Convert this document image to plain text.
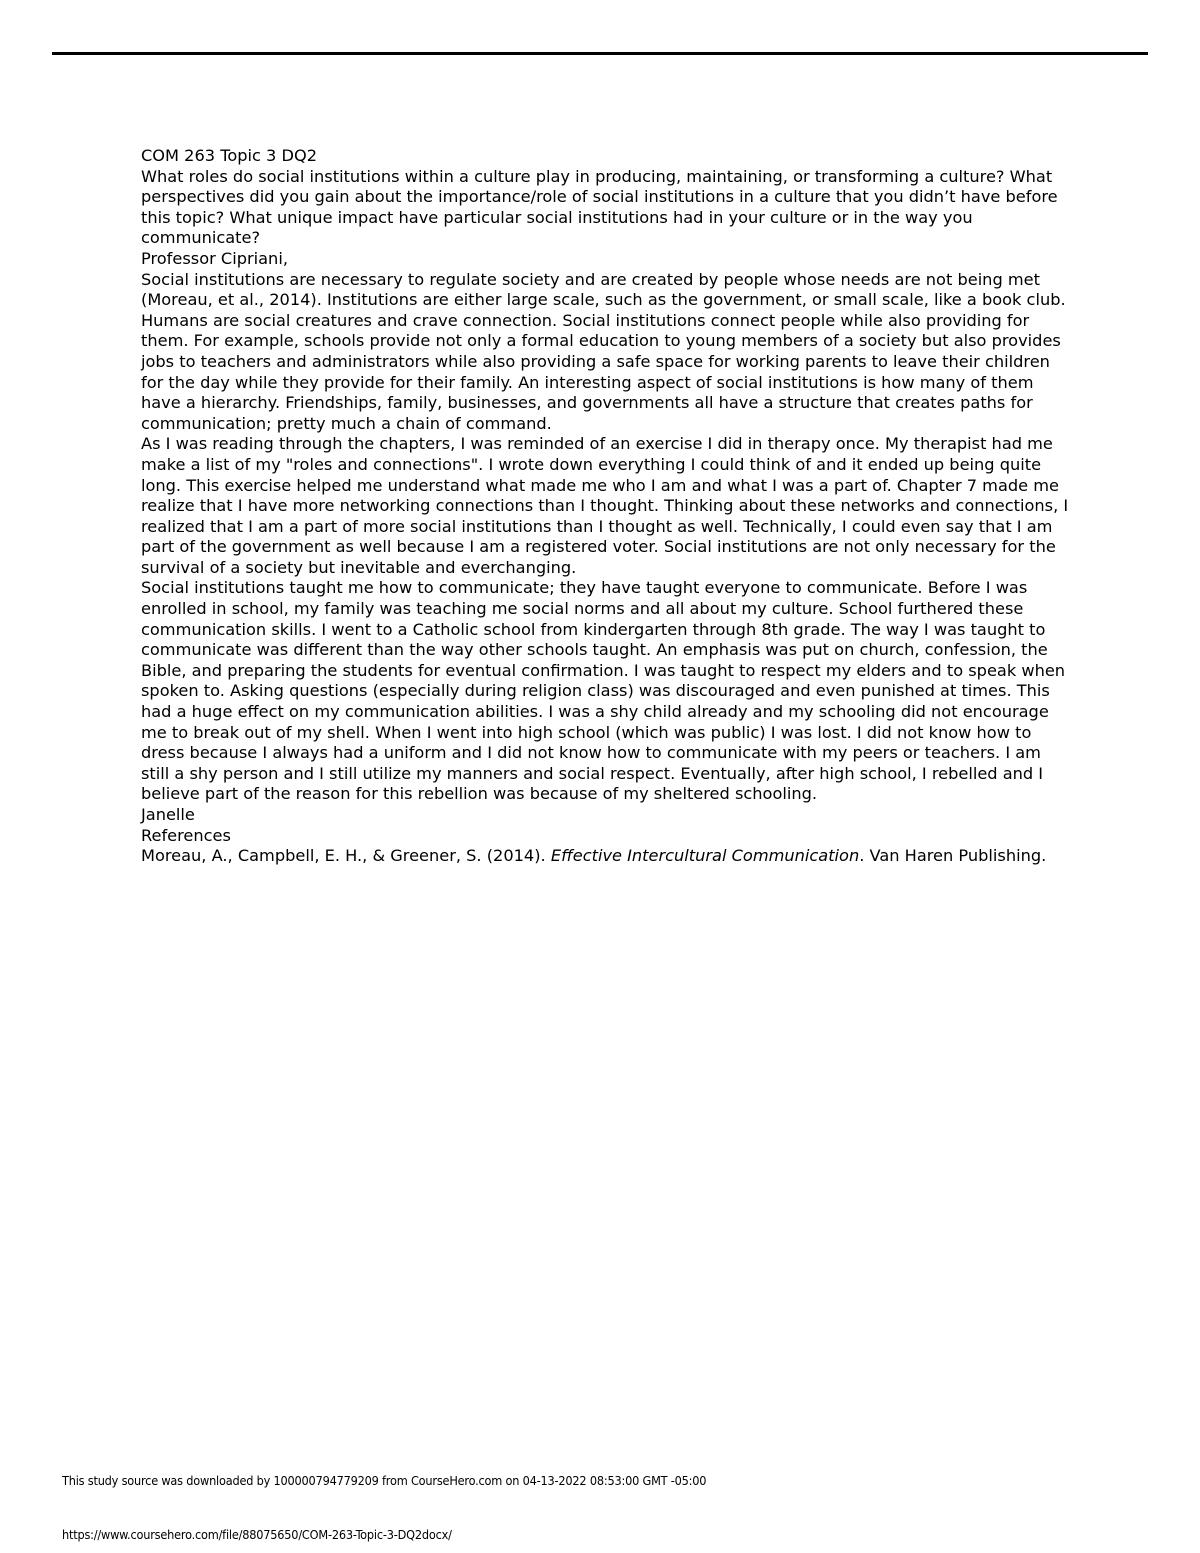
COM 263 Topic 3 DQ2

What roles do social institutions within a culture play in producing, maintaining, or transforming a culture? What perspectives did you gain about the importance/role of social institutions in a culture that you didn’t have before this topic? What unique impact have particular social institutions had in your culture or in the way you communicate?

Professor Cipriani,

Social institutions are necessary to regulate society and are created by people whose needs are not being met (Moreau, et al., 2014). Institutions are either large scale, such as the government, or small scale, like a book club. Humans are social creatures and crave connection. Social institutions connect people while also providing for them. For example, schools provide not only a formal education to young members of a society but also provides jobs to teachers and administrators while also providing a safe space for working parents to leave their children for the day while they provide for their family. An interesting aspect of social institutions is how many of them have a hierarchy. Friendships, family, businesses, and governments all have a structure that creates paths for communication; pretty much a chain of command.

As I was reading through the chapters, I was reminded of an exercise I did in therapy once. My therapist had me make a list of my "roles and connections". I wrote down everything I could think of and it ended up being quite long. This exercise helped me understand what made me who I am and what I was a part of. Chapter 7 made me realize that I have more networking connections than I thought. Thinking about these networks and connections, I realized that I am a part of more social institutions than I thought as well. Technically, I could even say that I am part of the government as well because I am a registered voter. Social institutions are not only necessary for the survival of a society but inevitable and everchanging.

Social institutions taught me how to communicate; they have taught everyone to communicate. Before I was enrolled in school, my family was teaching me social norms and all about my culture. School furthered these communication skills. I went to a Catholic school from kindergarten through 8th grade. The way I was taught to communicate was different than the way other schools taught. An emphasis was put on church, confession, the Bible, and preparing the students for eventual confirmation. I was taught to respect my elders and to speak when spoken to. Asking questions (especially during religion class) was discouraged and even punished at times. This had a huge effect on my communication abilities. I was a shy child already and my schooling did not encourage me to break out of my shell. When I went into high school (which was public) I was lost. I did not know how to dress because I always had a uniform and I did not know how to communicate with my peers or teachers. I am still a shy person and I still utilize my manners and social respect. Eventually, after high school, I rebelled and I believe part of the reason for this rebellion was because of my sheltered schooling.

Janelle

References

Moreau, A., Campbell, E. H., & Greener, S. (2014). Effective Intercultural Communication. Van Haren Publishing.

This study source was downloaded by 100000794779209 from CourseHero.com on 04-13-2022 08:53:00 GMT -05:00
https://www.coursehero.com/file/88075650/COM-263-Topic-3-DQ2docx/
